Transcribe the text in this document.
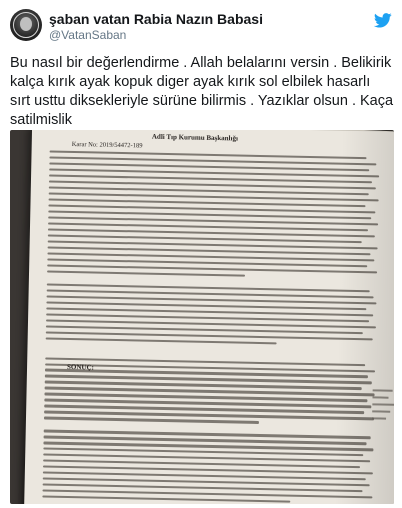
şaban vatan Rabia Nazın Babasi
@VatanSaban
Bu nasıl bir değerlendirme . Allah belalarını versin . Belikirik kalça kırık ayak kopuk diger ayak kırık sol elbilek hasarlı sırt usttu diksekleriyle sürüne bilirmis . Yazıklar olsun . Kaça satilmislik
Adli Tıp Kurumu Başkanlığı
Karar No: 2019/54472-189
SONUÇ:
